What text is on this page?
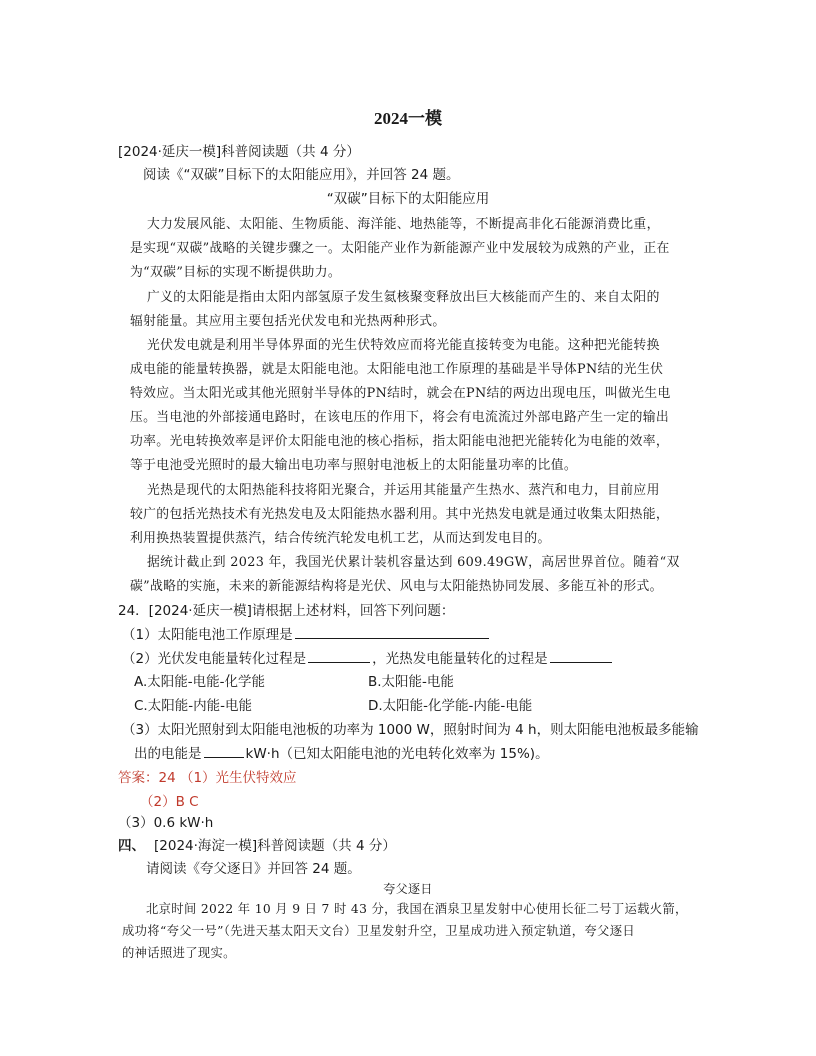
2024一模
[2024·延庆一模]科普阅读题（共 4 分）
阅读《“双碳”目标下的太阳能应用》，并回答 24 题。
“双碳”目标下的太阳能应用
大力发展风能、太阳能、生物质能、海洋能、地热能等，不断提高非化石能源消费比重，
是实现“双碳”战略的关键步骤之一。太阳能产业作为新能源产业中发展较为成熟的产业，正在
为“双碳”目标的实现不断提供助力。
广义的太阳能是指由太阳内部氢原子发生氦核聚变释放出巨大核能而产生的、来自太阳的
辐射能量。其应用主要包括光伏发电和光热两种形式。
光伏发电就是利用半导体界面的光生伏特效应而将光能直接转变为电能。这种把光能转换
成电能的能量转换器，就是太阳能电池。太阳能电池工作原理的基础是半导体PN结的光生伏
特效应。当太阳光或其他光照射半导体的PN结时，就会在PN结的两边出现电压，叫做光生电
压。当电池的外部接通电路时，在该电压的作用下，将会有电流流过外部电路产生一定的输出
功率。光电转换效率是评价太阳能电池的核心指标，指太阳能电池把光能转化为电能的效率，
等于电池受光照时的最大输出电功率与照射电池板上的太阳能量功率的比值。
光热是现代的太阳热能科技将阳光聚合，并运用其能量产生热水、蒸汽和电力，目前应用
较广的包括光热技术有光热发电及太阳能热水器利用。其中光热发电就是通过收集太阳热能，
利用换热装置提供蒸汽，结合传统汽轮发电机工艺，从而达到发电目的。
据统计截止到 2023 年，我国光伏累计装机容量达到 609.49GW，高居世界首位。随着“双
碳”战略的实施，未来的新能源结构将是光伏、风电与太阳能热协同发展、多能互补的形式。
24．[2024·延庆一模]请根据上述材料，回答下列问题：
（1）太阳能电池工作原理是
（2）光伏发电能量转化过程是	，光热发电能量转化的过程是
A.太阳能-电能-化学能	B.太阳能-电能
C.太阳能-内能-电能	D.太阳能-化学能-内能-电能
（3）太阳光照射到太阳能电池板的功率为 1000 W，照射时间为 4 h，则太阳能电池板最多能输
出的电能是	kW·h（已知太阳能电池的光电转化效率为 15%)。
答案：24 （1）光生伏特效应
（2）B C
（3）0.6 kW·h
四、 [2024·海淀一模]科普阅读题（共 4 分）
请阅读《夸父逐日》并回答 24 题。
夸父逐日
北京时间 2022 年 10 月 9 日 7 时 43 分，我国在酒泉卫星发射中心使用长征二号丁运载火箭，
成功将“夸父一号”（先进天基太阳天文台）卫星发射升空，卫星成功进入预定轨道，夸父逐日
的神话照进了现实。
